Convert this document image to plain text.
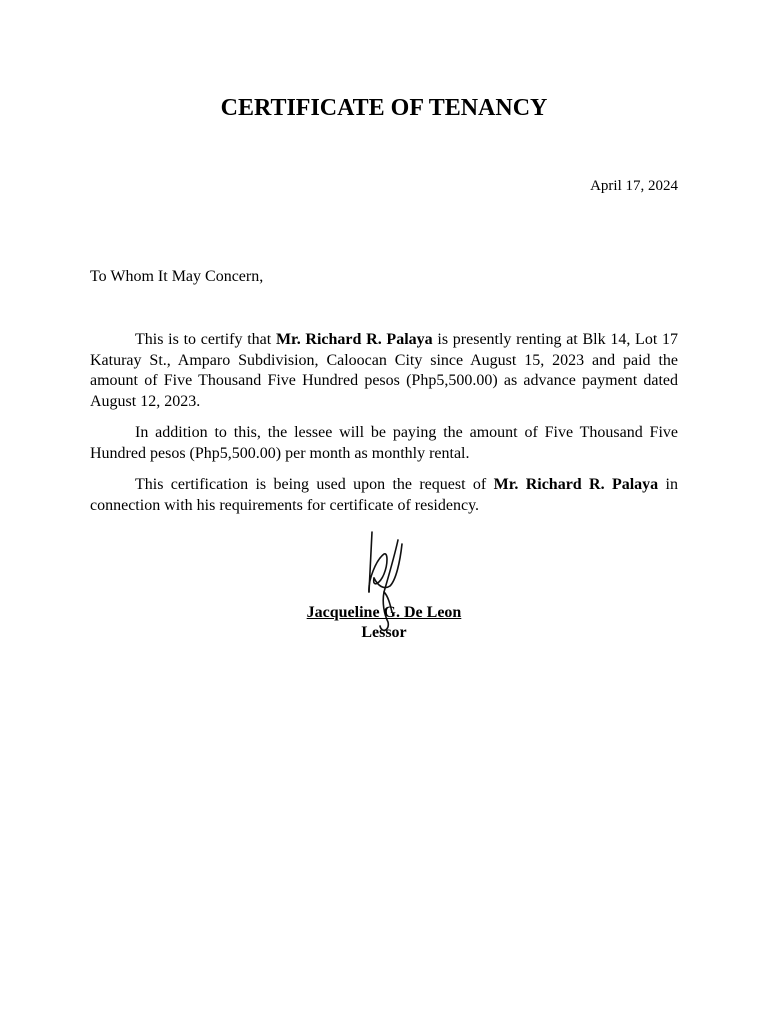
CERTIFICATE OF TENANCY
April 17, 2024
To Whom It May Concern,

This is to certify that Mr. Richard R. Palaya is presently renting at Blk 14, Lot 17 Katuray St., Amparo Subdivision, Caloocan City since August 15, 2023 and paid the amount of Five Thousand Five Hundred pesos (Php5,500.00) as advance payment dated August 12, 2023.

In addition to this, the lessee will be paying the amount of Five Thousand Five Hundred pesos (Php5,500.00) per month as monthly rental.

This certification is being used upon the request of Mr. Richard R. Palaya in connection with his requirements for certificate of residency.

Jacqueline G. De Leon
Lessor
